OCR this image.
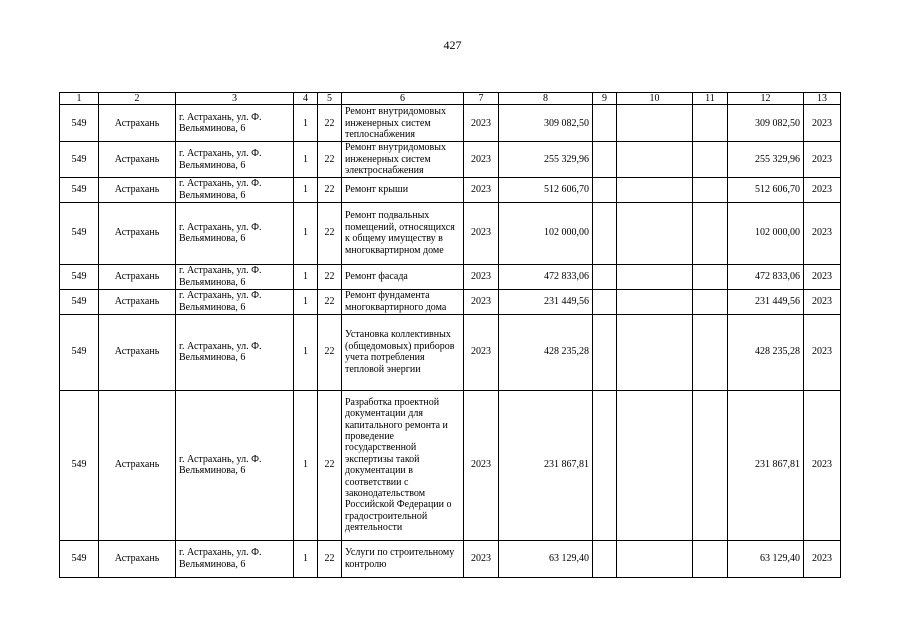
427
1	2	3	4	5	6	7	8	9	10	11	12	13
549	Астрахань	г. Астрахань, ул. Ф. Вельяминова, 6	1	22	Ремонт внутридомовых инженерных систем теплоснабжения	2023	309 082,50				309 082,50	2023
549	Астрахань	г. Астрахань, ул. Ф. Вельяминова, 6	1	22	Ремонт внутридомовых инженерных систем электроснабжения	2023	255 329,96				255 329,96	2023
549	Астрахань	г. Астрахань, ул. Ф. Вельяминова, 6	1	22	Ремонт крыши	2023	512 606,70				512 606,70	2023
549	Астрахань	г. Астрахань, ул. Ф. Вельяминова, 6	1	22	Ремонт подвальных помещений, относящихся к общему имуществу в многоквартирном доме	2023	102 000,00				102 000,00	2023
549	Астрахань	г. Астрахань, ул. Ф. Вельяминова, 6	1	22	Ремонт фасада	2023	472 833,06				472 833,06	2023
549	Астрахань	г. Астрахань, ул. Ф. Вельяминова, 6	1	22	Ремонт фундамента многоквартирного дома	2023	231 449,56				231 449,56	2023
549	Астрахань	г. Астрахань, ул. Ф. Вельяминова, 6	1	22	Установка коллективных (общедомовых) приборов учета потребления тепловой энергии	2023	428 235,28				428 235,28	2023
549	Астрахань	г. Астрахань, ул. Ф. Вельяминова, 6	1	22	Разработка проектной документации для капитального ремонта и проведение государственной экспертизы такой документации в соответствии с законодательством Российской Федерации о градостроительной деятельности	2023	231 867,81				231 867,81	2023
549	Астрахань	г. Астрахань, ул. Ф. Вельяминова, 6	1	22	Услуги по строительному контролю	2023	63 129,40				63 129,40	2023
